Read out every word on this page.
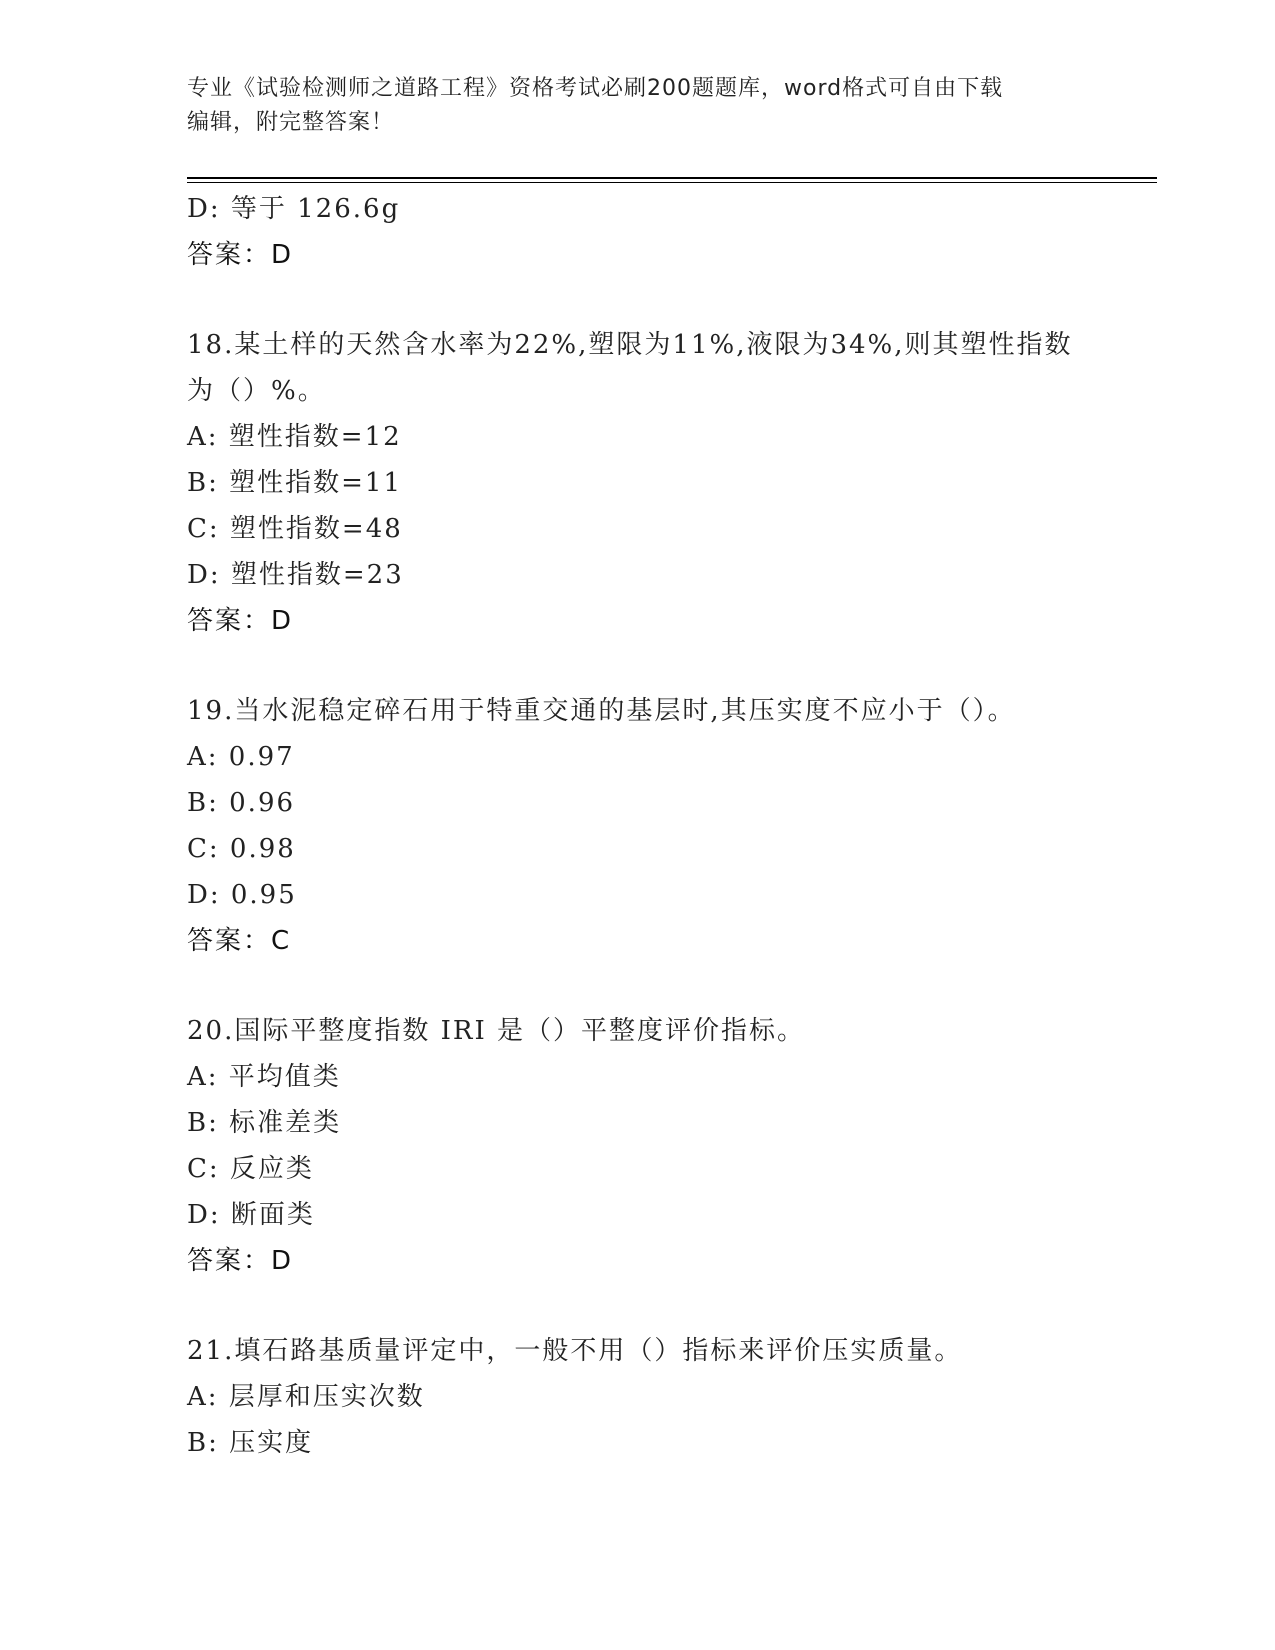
专业《试验检测师之道路工程》资格考试必刷200题题库，word格式可自由下载
编辑，附完整答案！
D: 等于 126.6g
答案：D
18.某土样的天然含水率为22%,塑限为11%,液限为34%,则其塑性指数
为（）%。
A: 塑性指数=12
B: 塑性指数=11
C: 塑性指数=48
D: 塑性指数=23
答案：D
19.当水泥稳定碎石用于特重交通的基层时,其压实度不应小于（）。
A: 0.97
B: 0.96
C: 0.98
D: 0.95
答案：C
20.国际平整度指数 IRI 是（）平整度评价指标。
A: 平均值类
B: 标准差类
C: 反应类
D: 断面类
答案：D
21.填石路基质量评定中，一般不用（）指标来评价压实质量。
A: 层厚和压实次数
B: 压实度
